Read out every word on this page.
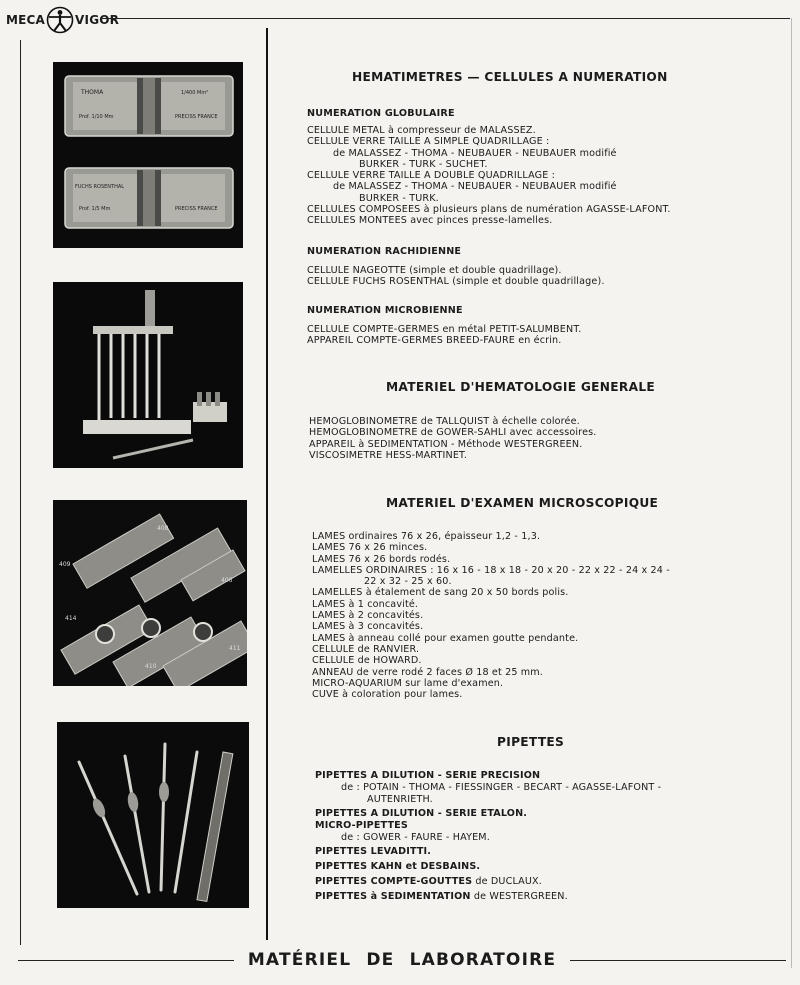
MECA	VIGOR
THOMA
Prof. 1/10 Mm
1/400 Mm²
PRECISS FRANCE
FUCHS ROSENTHAL
Prof. 1/5 Mm	PRECISS FRANCE
408
409
406
414
410
411
HEMATIMETRES — CELLULES A NUMERATION
NUMERATION GLOBULAIRE
CELLULE METAL à compresseur de MALASSEZ.
CELLULE VERRE TAILLE A SIMPLE QUADRILLAGE :
de MALASSEZ - THOMA - NEUBAUER - NEUBAUER modifié
BURKER - TURK - SUCHET.
CELLULE VERRE TAILLE A DOUBLE QUADRILLAGE :
de MALASSEZ - THOMA - NEUBAUER - NEUBAUER modifié
BURKER - TURK.
CELLULES COMPOSEES à plusieurs plans de numération AGASSE-LAFONT.
CELLULES MONTEES avec pinces presse-lamelles.
NUMERATION RACHIDIENNE
CELLULE NAGEOTTE (simple et double quadrillage).
CELLULE FUCHS ROSENTHAL (simple et double quadrillage).
NUMERATION MICROBIENNE
CELLULE COMPTE-GERMES en métal PETIT-SALUMBENT.
APPAREIL COMPTE-GERMES BREED-FAURE en écrin.
MATERIEL D'HEMATOLOGIE GENERALE
HEMOGLOBINOMETRE de TALLQUIST à échelle colorée.
HEMOGLOBINOMETRE de GOWER-SAHLI avec accessoires.
APPAREIL à SEDIMENTATION - Méthode WESTERGREEN.
VISCOSIMETRE HESS-MARTINET.
MATERIEL D'EXAMEN MICROSCOPIQUE
LAMES ordinaires 76 x 26, épaisseur 1,2 - 1,3.
LAMES 76 x 26 minces.
LAMES 76 x 26 bords rodés.
LAMELLES ORDINAIRES : 16 x 16 - 18 x 18 - 20 x 20 - 22 x 22 - 24 x 24 -
22 x 32 - 25 x 60.
LAMELLES à étalement de sang 20 x 50 bords polis.
LAMES à 1 concavité.
LAMES à 2 concavités.
LAMES à 3 concavités.
LAMES à anneau collé pour examen goutte pendante.
CELLULE de RANVIER.
CELLULE de HOWARD.
ANNEAU de verre rodé 2 faces Ø 18 et 25 mm.
MICRO-AQUARIUM sur lame d'examen.
CUVE à coloration pour lames.
PIPETTES
PIPETTES A DILUTION - SERIE PRECISION
de : POTAIN - THOMA - FIESSINGER - BECART - AGASSE-LAFONT -
AUTENRIETH.
PIPETTES A DILUTION - SERIE ETALON.
MICRO-PIPETTES
de : GOWER - FAURE - HAYEM.
PIPETTES LEVADITTI.
PIPETTES KAHN et DESBAINS.
PIPETTES COMPTE-GOUTTES de DUCLAUX.
PIPETTES à SEDIMENTATION de WESTERGREEN.
MATÉRIEL DE LABORATOIRE
